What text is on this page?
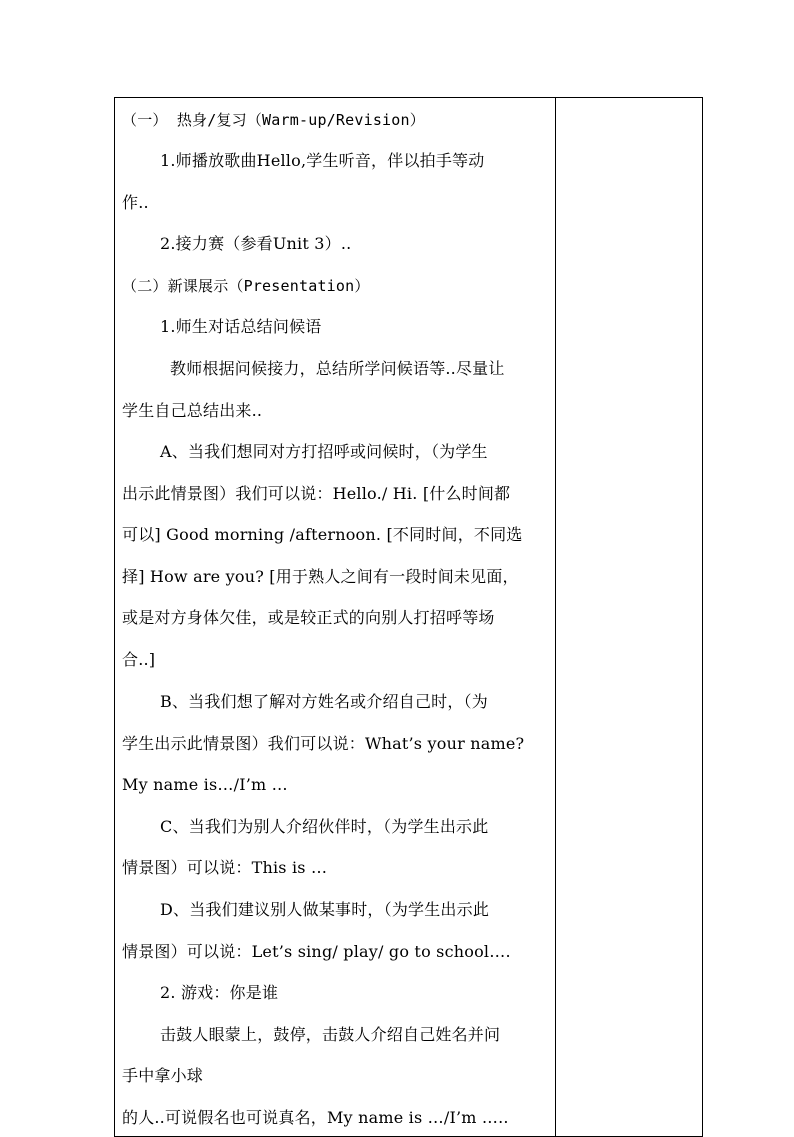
（一） 热身/复习（Warm-up/Revision）
1.师播放歌曲Hello,学生听音，伴以拍手等动
作..
2.接力赛（参看Unit 3）..
（二）新课展示（Presentation）
1.师生对话总结问候语
教师根据问候接力，总结所学问候语等..尽量让
学生自己总结出来..
A、当我们想同对方打招呼或问候时，（为学生
出示此情景图）我们可以说：Hello./ Hi. [什么时间都
可以] Good morning /afternoon. [不同时间，不同选
择] How are you? [用于熟人之间有一段时间未见面，
或是对方身体欠佳，或是较正式的向别人打招呼等场
合..]
B、当我们想了解对方姓名或介绍自己时，（为
学生出示此情景图）我们可以说：What’s your name?
My name is…/I’m …
C、当我们为别人介绍伙伴时，（为学生出示此
情景图）可以说：This is …
D、当我们建议别人做某事时，（为学生出示此
情景图）可以说：Let’s sing/ play/ go to school….
2. 游戏：你是谁
击鼓人眼蒙上，鼓停，击鼓人介绍自己姓名并问
手中拿小球
的人..可说假名也可说真名，My name is …/I’m …..
